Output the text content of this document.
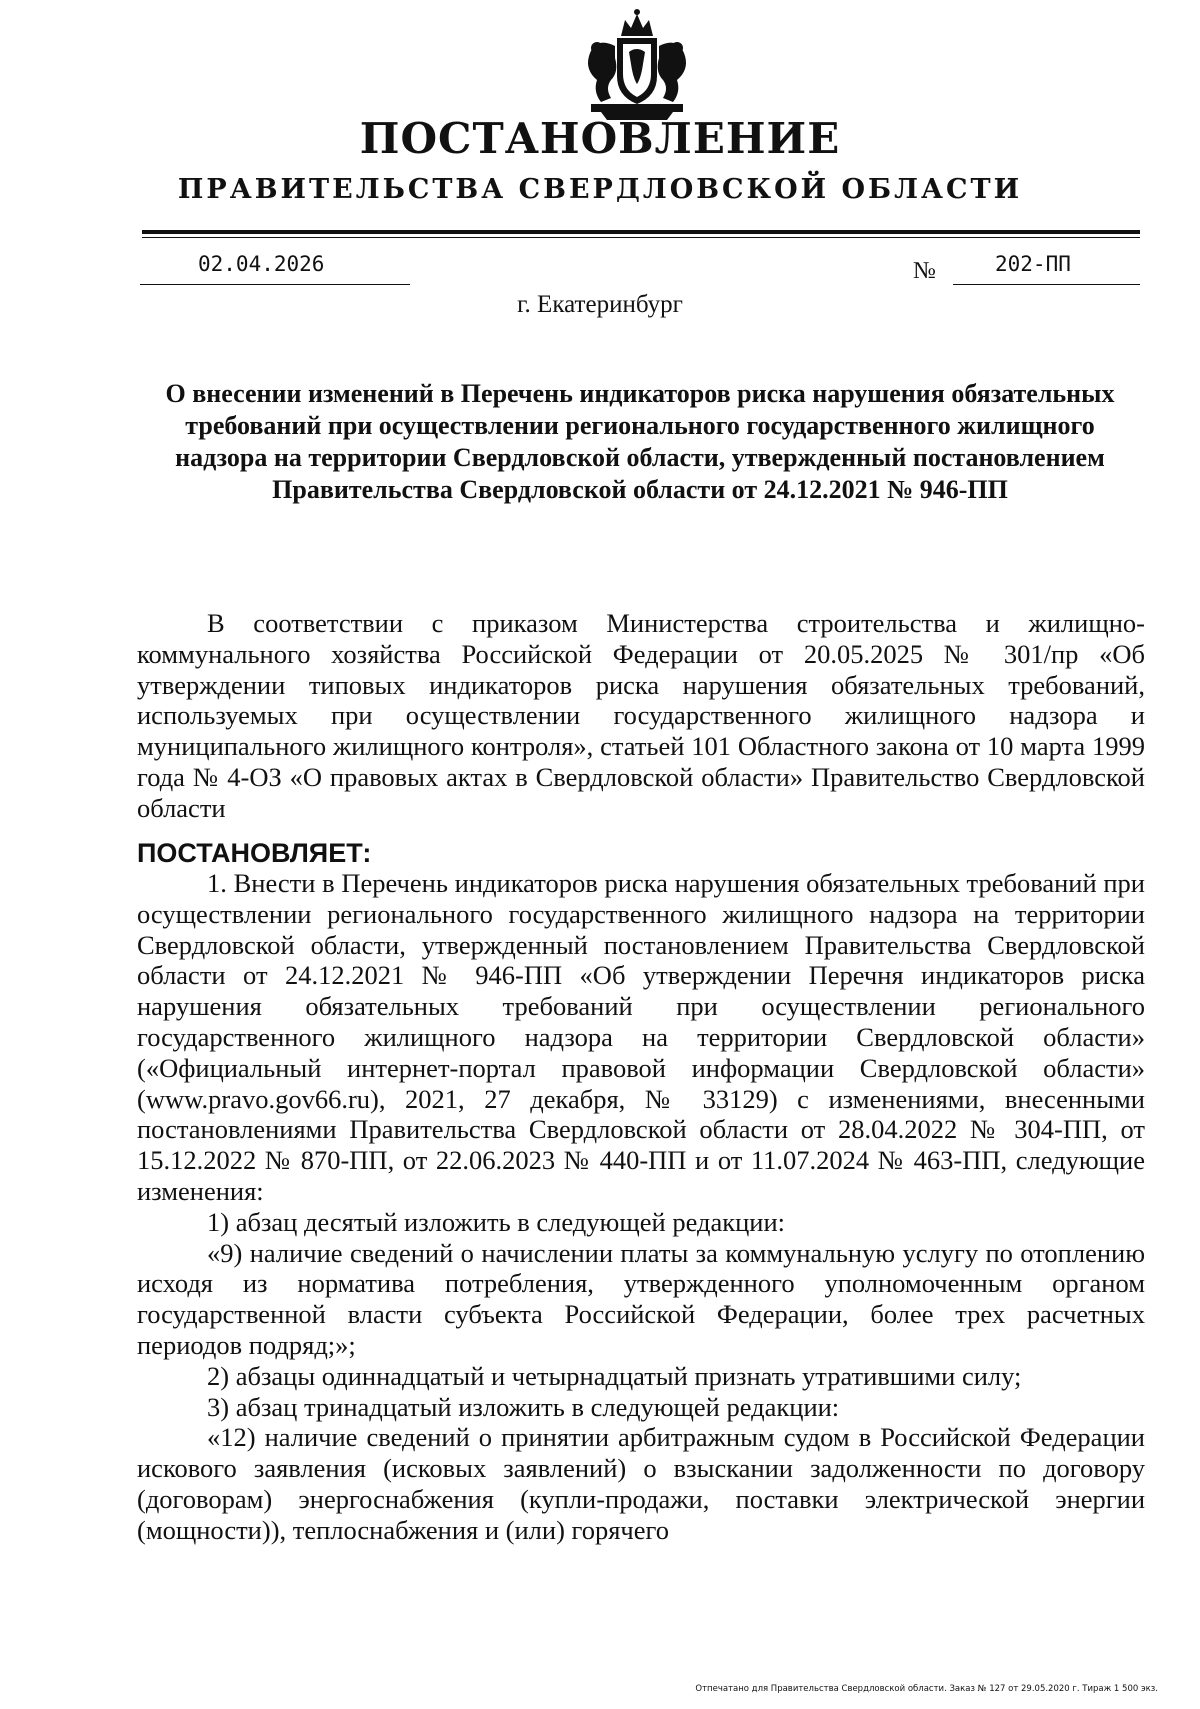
ПОСТАНОВЛЕНИЕ
ПРАВИТЕЛЬСТВА СВЕРДЛОВСКОЙ ОБЛАСТИ
02.04.2026	№	202-ПП
г. Екатеринбург
О внесении изменений в Перечень индикаторов риска нарушения обязательных требований при осуществлении регионального государственного жилищного надзора на территории Свердловской области, утвержденный постановлением Правительства Свердловской области от 24.12.2021 № 946-ПП

В соответствии с приказом Министерства строительства и жилищно-коммунального хозяйства Российской Федерации от 20.05.2025 № 301/пр «Об утверждении типовых индикаторов риска нарушения обязательных требований, используемых при осуществлении государственного жилищного надзора и муниципального жилищного контроля», статьей 101 Областного закона от 10 марта 1999 года № 4-ОЗ «О правовых актах в Свердловской области» Правительство Свердловской области

ПОСТАНОВЛЯЕТ:

1. Внести в Перечень индикаторов риска нарушения обязательных требований при осуществлении регионального государственного жилищного надзора на территории Свердловской области, утвержденный постановлением Правительства Свердловской области от 24.12.2021 № 946-ПП «Об утверждении Перечня индикаторов риска нарушения обязательных требований при осуществлении регионального государственного жилищного надзора на территории Свердловской области» («Официальный интернет-портал правовой информации Свердловской области» (www.pravo.gov66.ru), 2021, 27 декабря, № 33129) с изменениями, внесенными постановлениями Правительства Свердловской области от 28.04.2022 № 304-ПП, от 15.12.2022 № 870-ПП, от 22.06.2023 № 440-ПП и от 11.07.2024 № 463-ПП, следующие изменения:

1) абзац десятый изложить в следующей редакции:

«9) наличие сведений о начислении платы за коммунальную услугу по отоплению исходя из норматива потребления, утвержденного уполномоченным органом государственной власти субъекта Российской Федерации, более трех расчетных периодов подряд;»;

2) абзацы одиннадцатый и четырнадцатый признать утратившими силу;

3) абзац тринадцатый изложить в следующей редакции:

«12) наличие сведений о принятии арбитражным судом в Российской Федерации искового заявления (исковых заявлений) о взыскании задолженности по договору (договорам) энергоснабжения (купли-продажи, поставки электрической энергии (мощности)), теплоснабжения и (или) горячего

Отпечатано для Правительства Свердловской области. Заказ № 127 от 29.05.2020 г. Тираж 1 500 экз.
